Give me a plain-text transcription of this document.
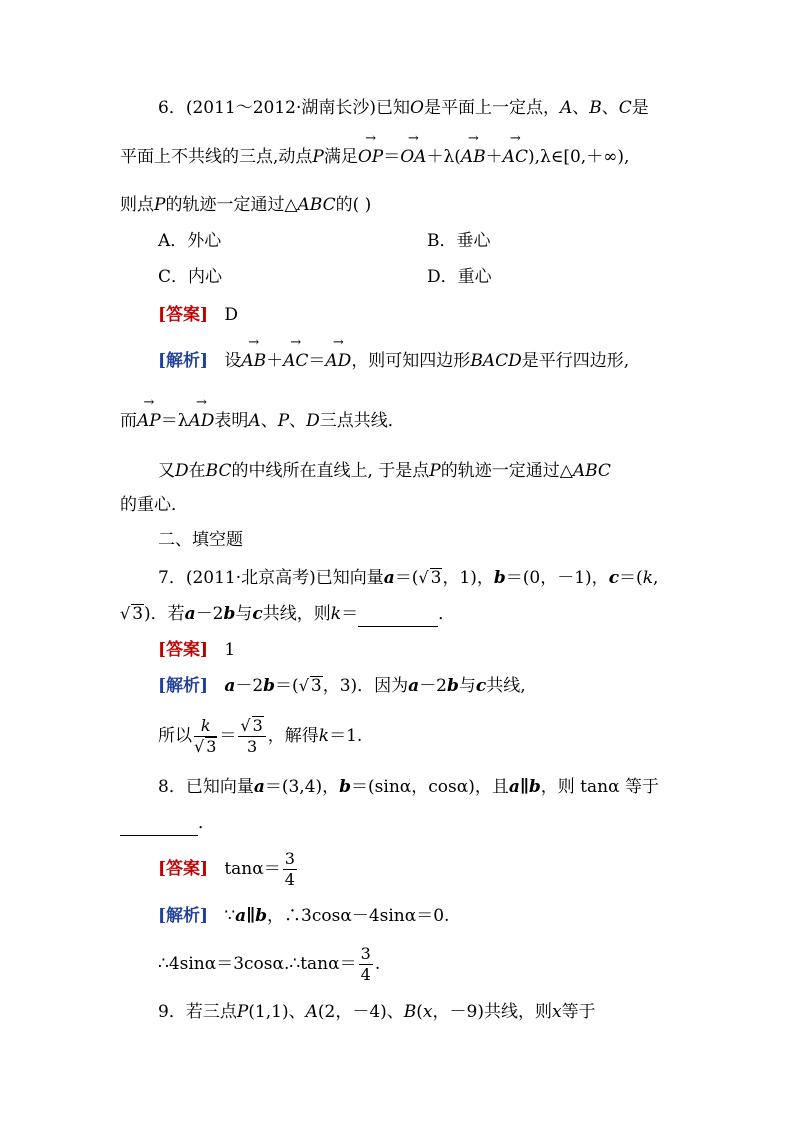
6．(2011～2012·湖南长沙)已知O是平面上一定点，A、B、C是
平面上不共线的三点,动点P满足→ OP＝→ OA＋λ(→ AB＋→ AC),λ∈[0,＋∞),
则点P的轨迹一定通过△ABC的( )
A．外心	B．垂心
C．内心	D．重心
[答案] D
[解析] 设→ AB＋→ AC＝→ AD，则可知四边形BACD是平行四边形,
而→ AP＝λ→ AD表明A、P、D三点共线．
又D在BC的中线所在直线上, 于是点P的轨迹一定通过△ABC
的重心．
二、填空题
7．(2011·北京高考)已知向量a＝(√ 3，1)，b＝(0，－1)，c＝(k,
√ 3)．若a－2b与c共线，则k＝	．
[答案] 1
[解析] a－2b＝(√ 3，3)．因为a－2b与c共线,
所以 $\frac{k}{√ 3} = \frac{√ 3}{3}$ ，解得k＝1.
8．已知向量a＝(3,4)，b＝(sinα，cosα)，且a∥b，则 tanα 等于
．
[答案] $\tan\alpha= \frac{3}{4}$
[解析] ∵a∥b，∴3cosα－4sinα＝0.
∴4sinα＝3cosα.∴tanα＝ $\frac{3}{4}$ .
9．若三点P(1,1)、A(2，－4)、B(x，－9)共线，则x等于
